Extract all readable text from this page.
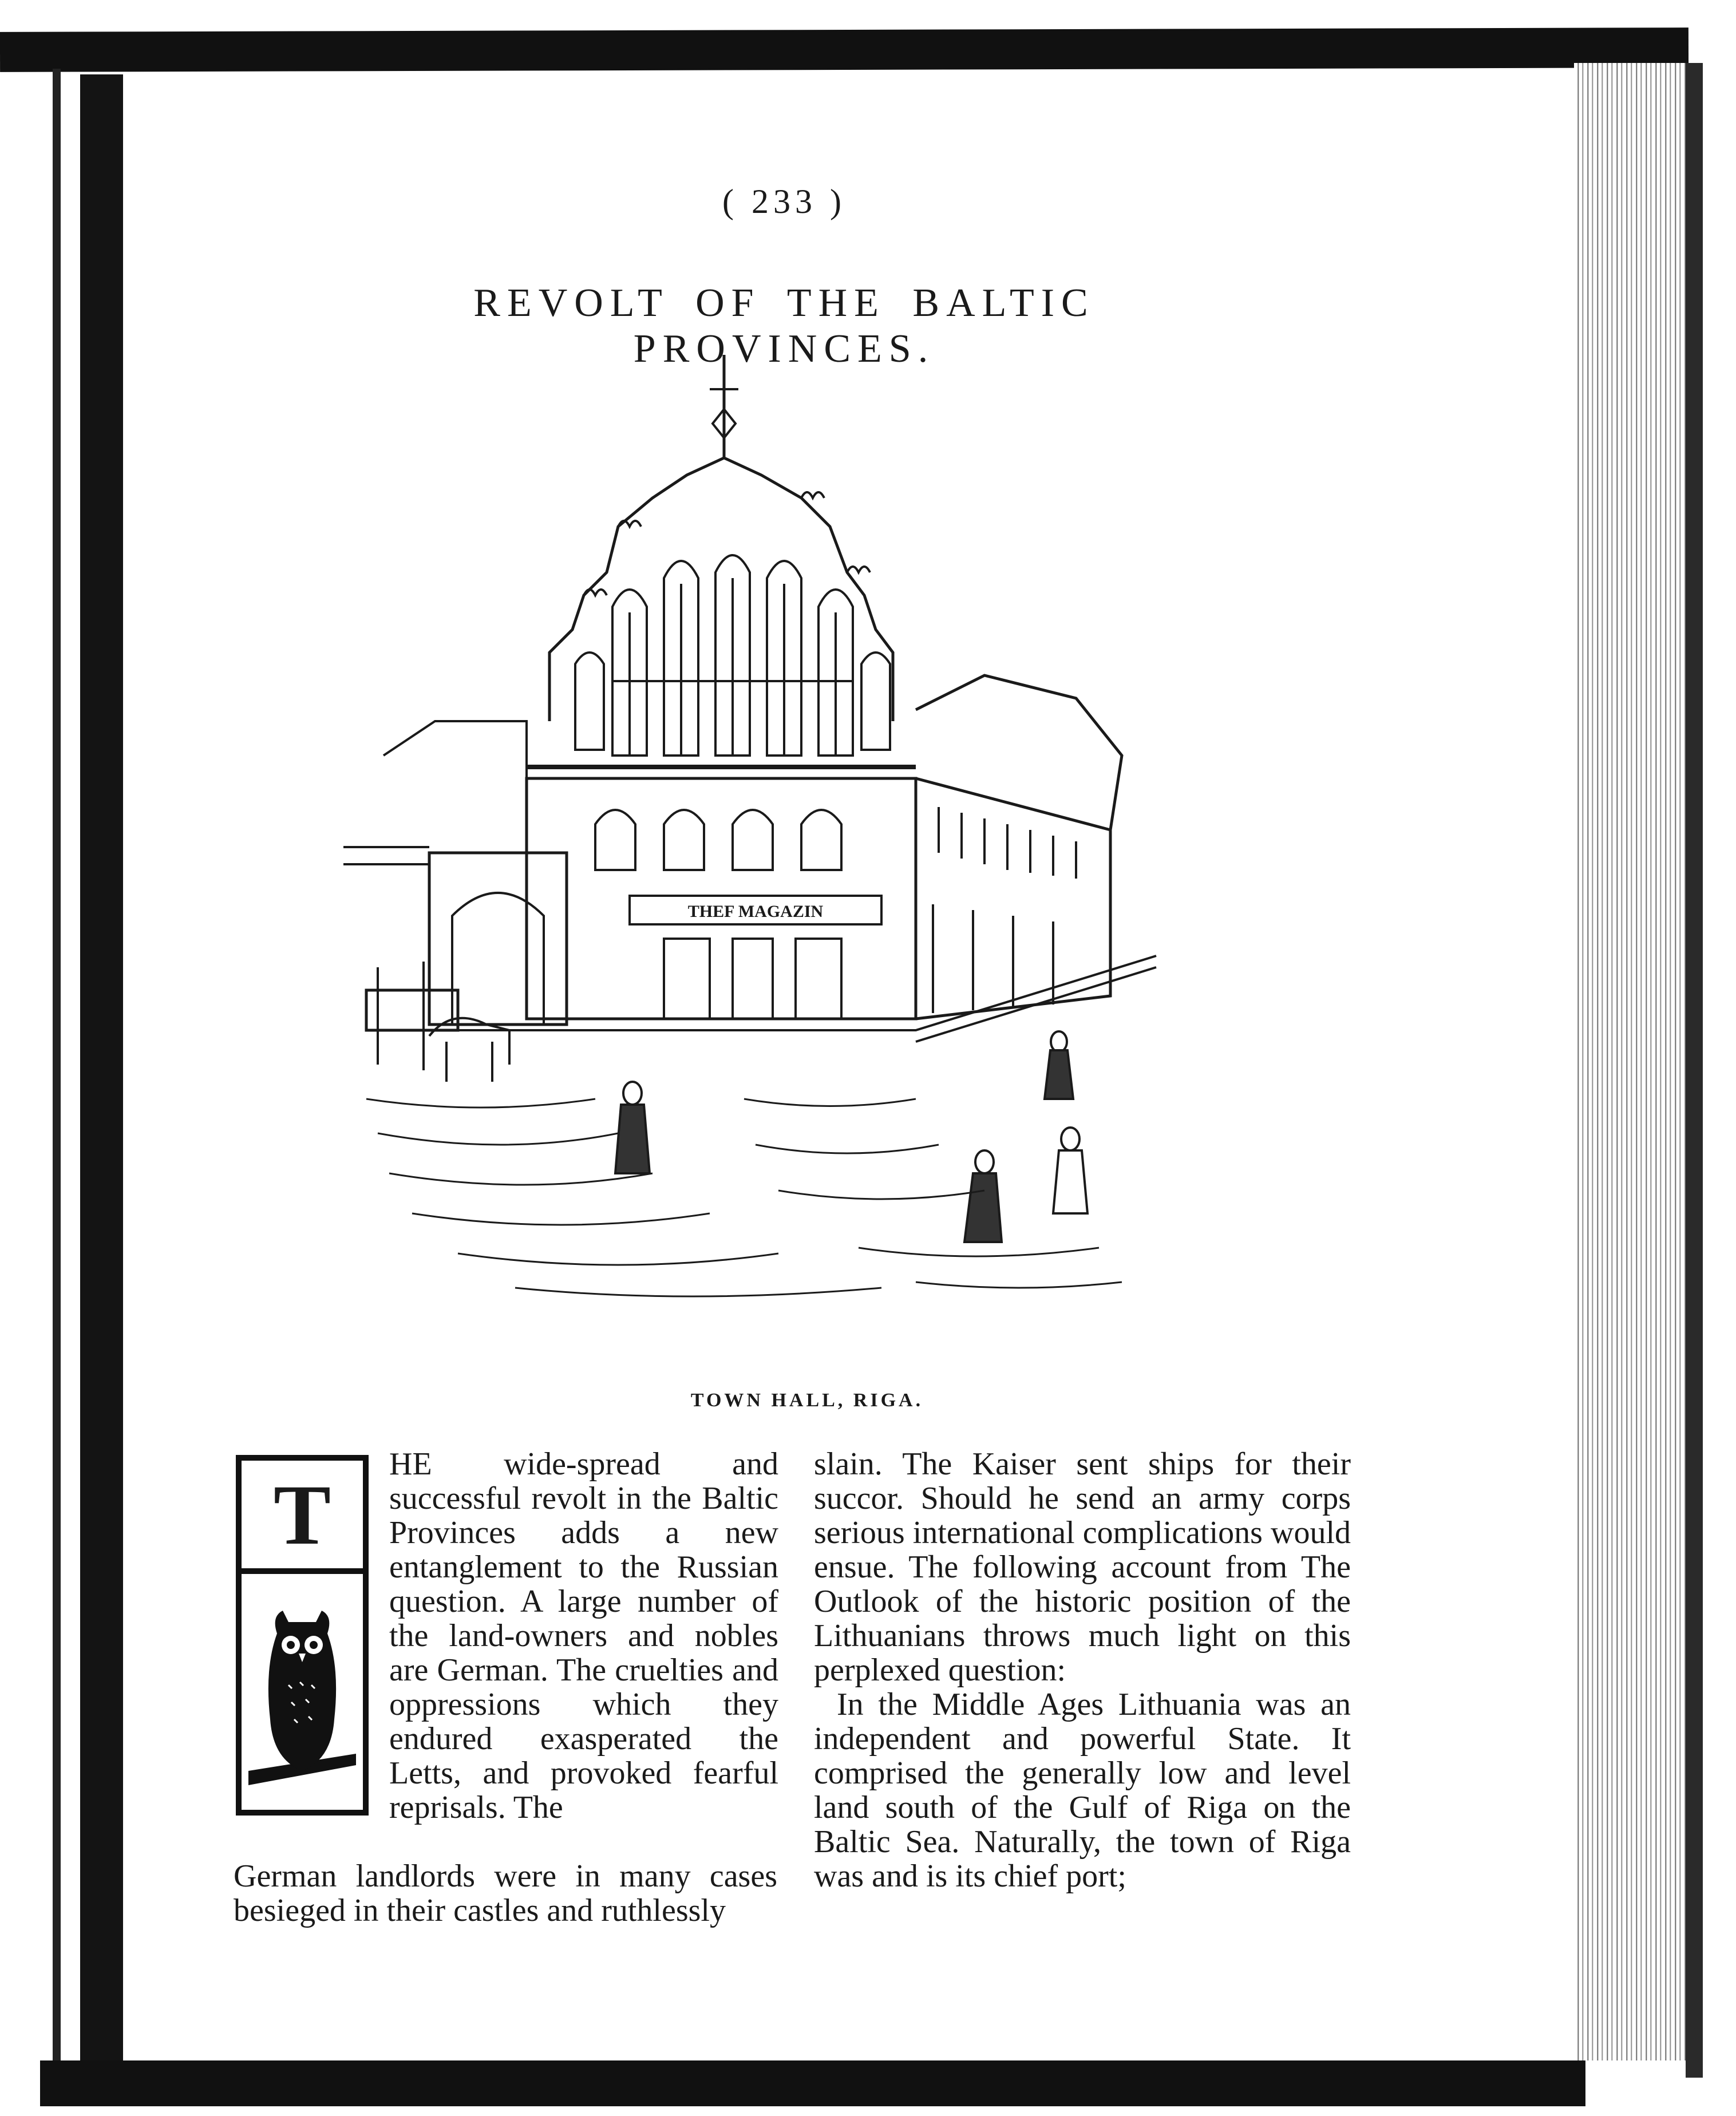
( 233 )
REVOLT OF THE BALTIC PROVINCES.
THEF MAGAZIN
TOWN HALL, RIGA.
T

HE wide-spread and successful revolt in the Baltic Provinces adds a new entanglement to the Russian question. A large number of the land-owners and nobles are German. The cruelties and oppressions which they endured exasperated the Letts, and provoked fearful reprisals. The

German landlords were in many cases besieged in their castles and ruthlessly

slain. The Kaiser sent ships for their succor. Should he send an army corps serious international complications would ensue. The following account from The Outlook of the historic position of the Lithuanians throws much light on this perplexed question:

In the Middle Ages Lithuania was an independent and powerful State. It comprised the generally low and level land south of the Gulf of Riga on the Baltic Sea. Naturally, the town of Riga was and is its chief port;
